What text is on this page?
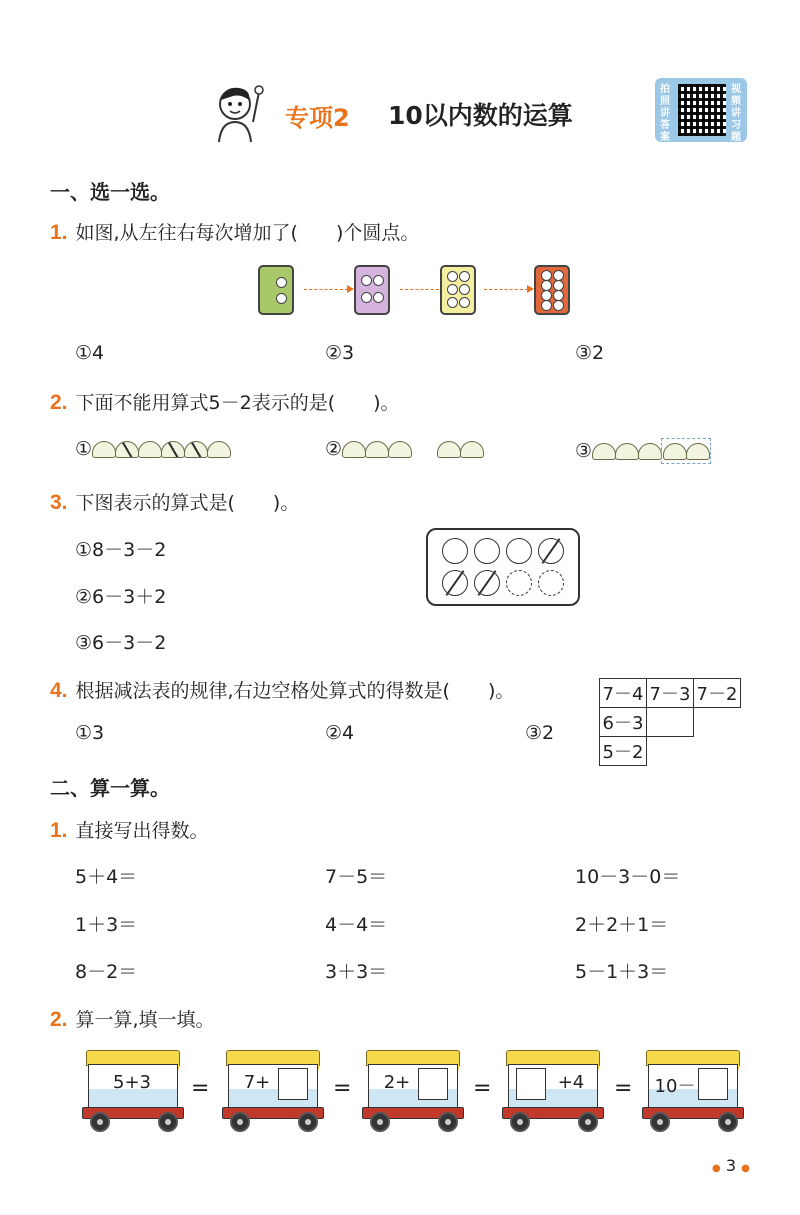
专项2 10以内数的运算
拍照讲答案
视频讲习题
一、选一选。
1. 如图,从左往右每次增加了(　　)个圆点。
①4	②3	③2
2. 下面不能用算式5－2表示的是(　　)。
①	②	③
3. 下图表示的算式是(　　)。
①8－3－2
②6－3＋2
③6－3－2
4. 根据减法表的规律,右边空格处算式的得数是(　　)。
①3	②4	③2
7－4	7－3	7－2
6－3		
5－2		
二、算一算。
1. 直接写出得数。
5＋4＝	7－5＝	10－3－0＝
1＋3＝	4－4＝	2＋2＋1＝
8－2＝	3＋3＝	5－1＋3＝
2. 算一算,填一填。
5+3	=	7+	=	2+	=	+4	= 10－
● 3 ●
